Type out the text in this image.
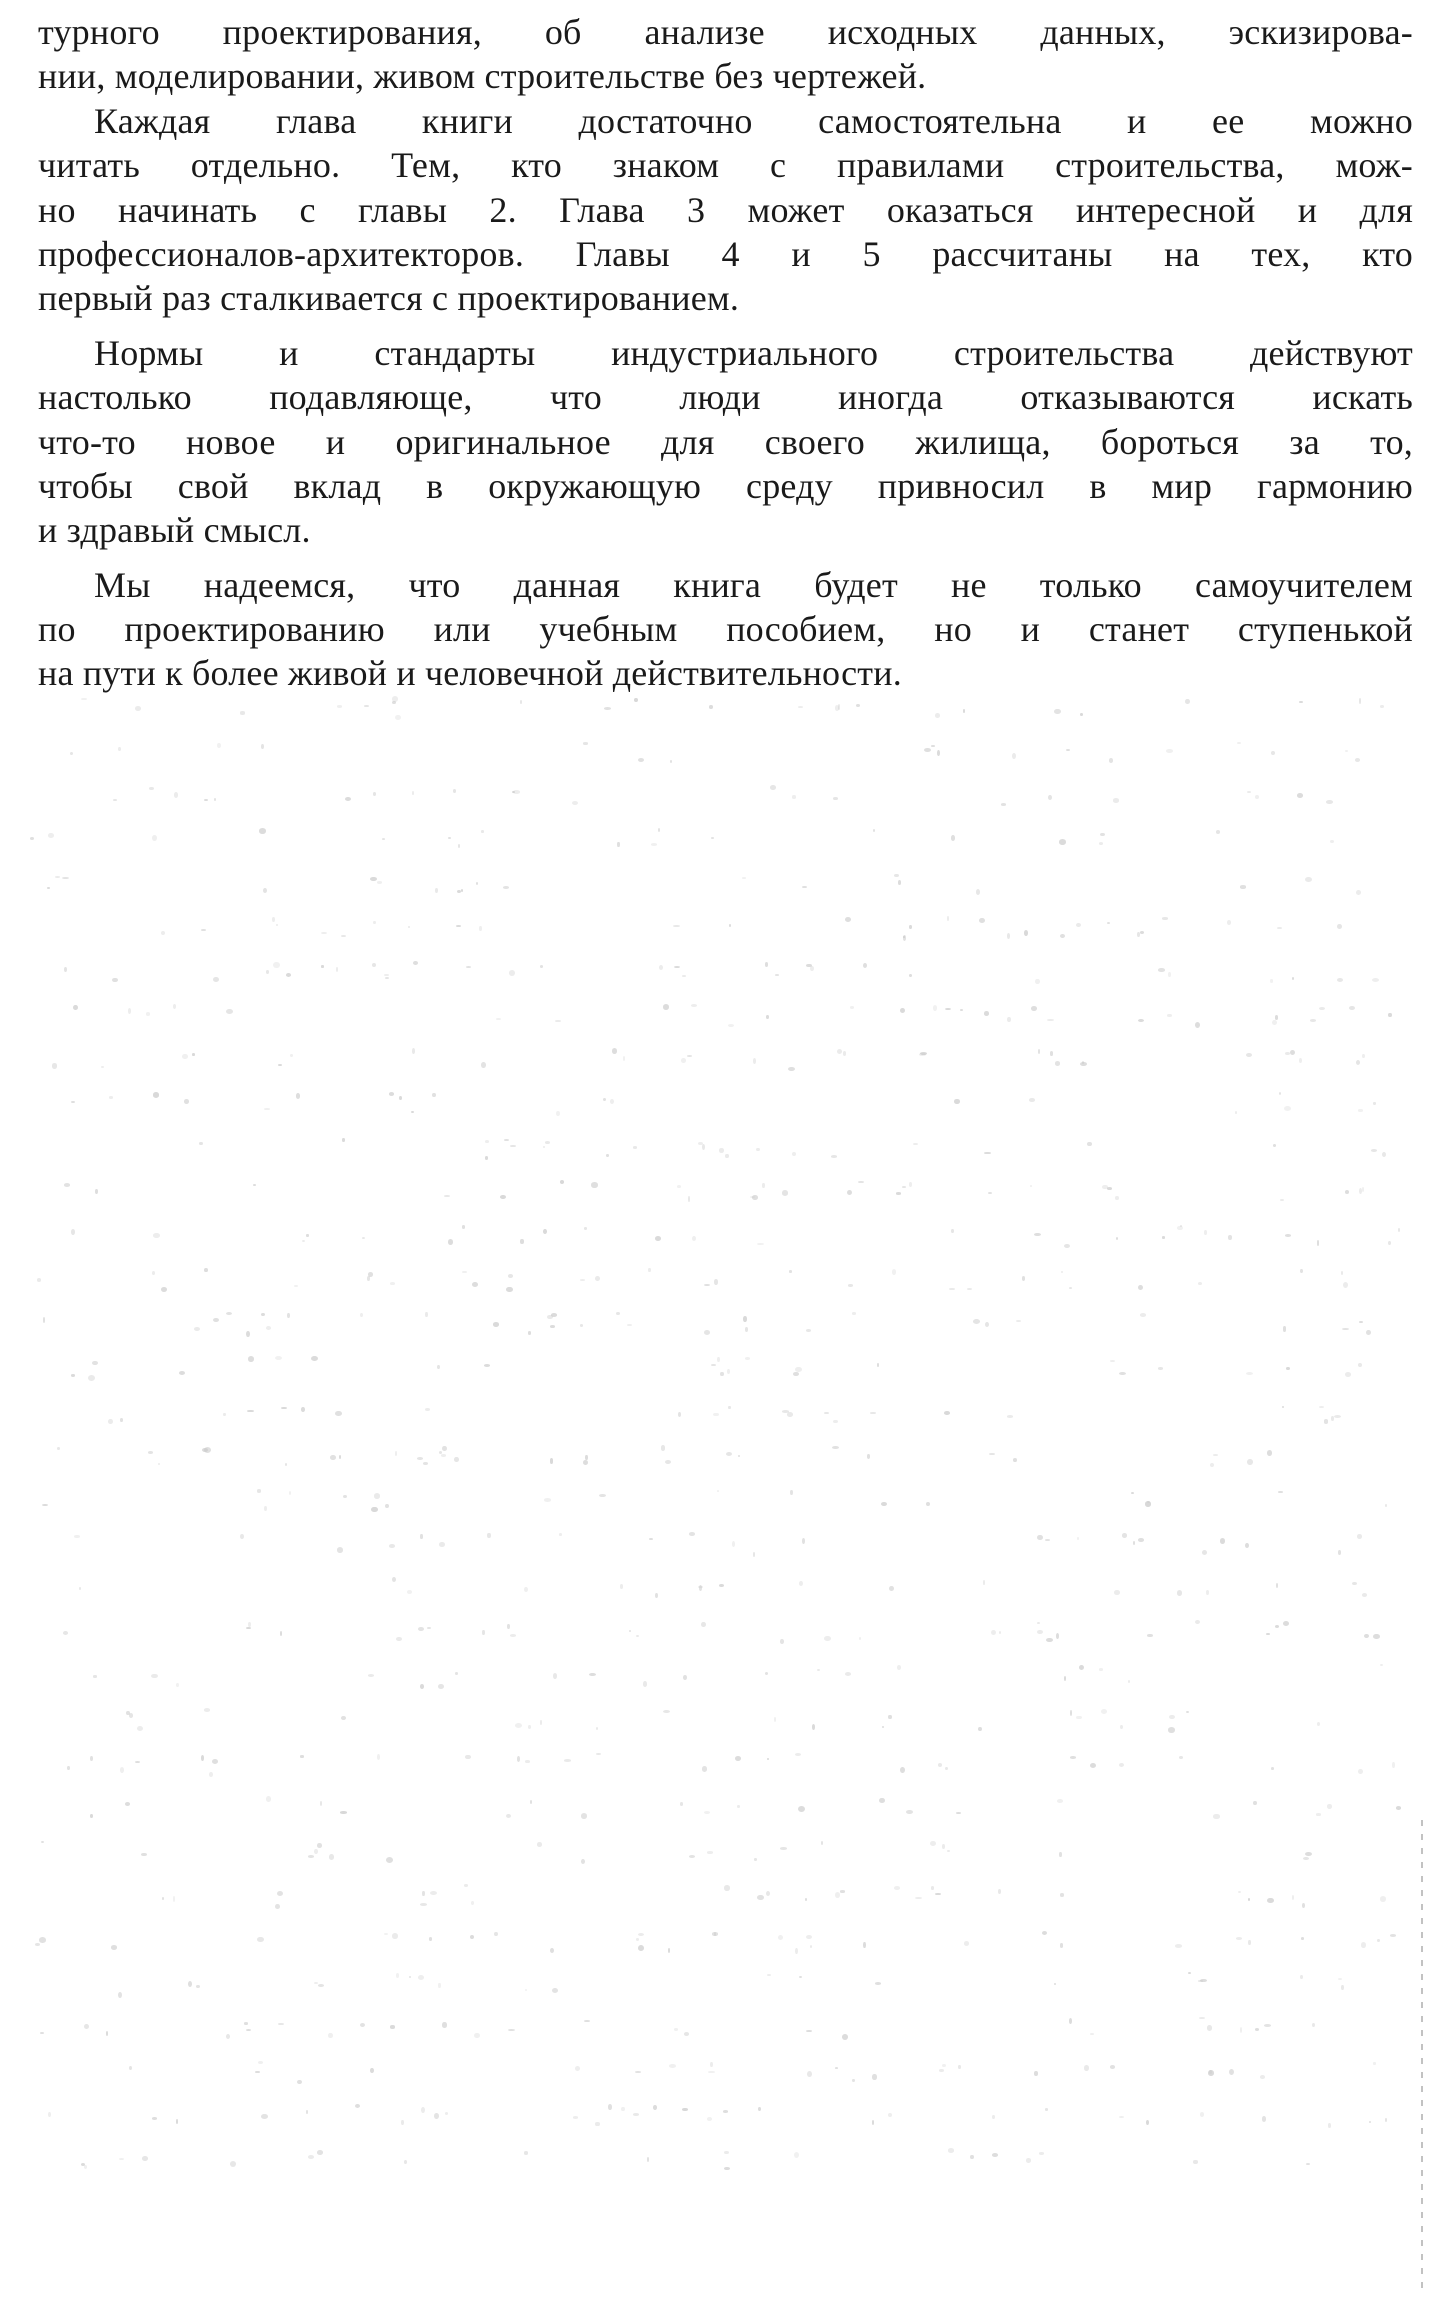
турного проектирования, об анализе исходных данных, эскизирова-
нии, моделировании, живом строительстве без чертежей.
Каждая глава книги достаточно самостоятельна и ее можно
читать отдельно. Тем, кто знаком с правилами строительства, мож-
но начинать с главы 2. Глава 3 может оказаться интересной и для
профессионалов-архитекторов. Главы 4 и 5 рассчитаны на тех, кто
первый раз сталкивается с проектированием.
Нормы и стандарты индустриального строительства действуют
настолько подавляюще, что люди иногда отказываются искать
что-то новое и оригинальное для своего жилища, бороться за то,
чтобы свой вклад в окружающую среду привносил в мир гармонию
и здравый смысл.
Мы надеемся, что данная книга будет не только самоучителем
по проектированию или учебным пособием, но и станет ступенькой
на пути к более живой и человечной действительности.
